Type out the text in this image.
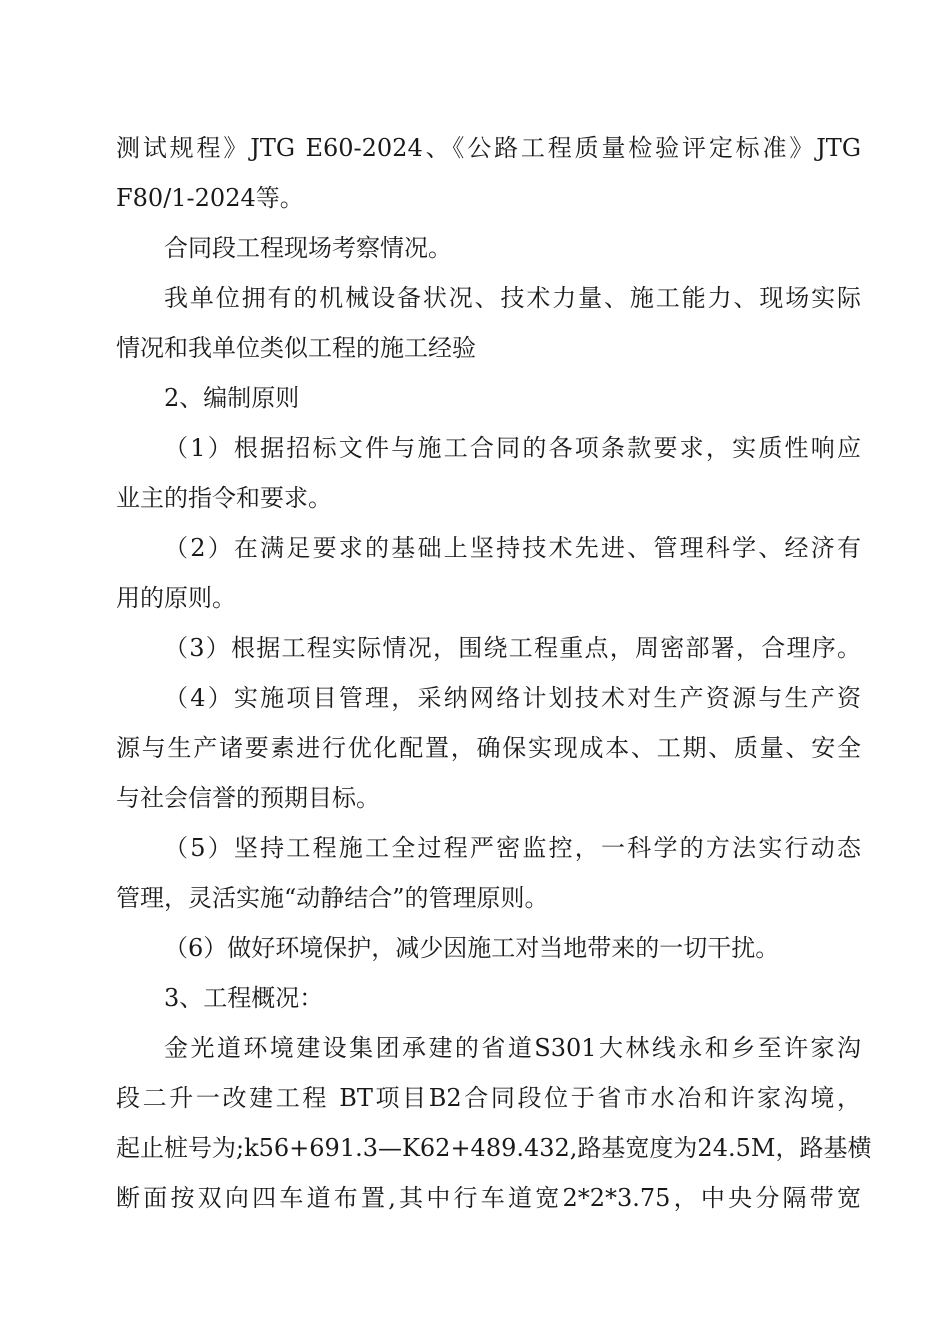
测试规程》JTG E60-2024、《公路工程质量检验评定标准》JTG
F80/1-2024等。
合同段工程现场考察情况。
我单位拥有的机械设备状况、技术力量、施工能力、现场实际
情况和我单位类似工程的施工经验
2、编制原则
（1）根据招标文件与施工合同的各项条款要求，实质性响应
业主的指令和要求。
（2）在满足要求的基础上坚持技术先进、管理科学、经济有
用的原则。
（3）根据工程实际情况，围绕工程重点，周密部署，合理序。
（4）实施项目管理，采纳网络计划技术对生产资源与生产资
源与生产诸要素进行优化配置，确保实现成本、工期、质量、安全
与社会信誉的预期目标。
（5）坚持工程施工全过程严密监控，一科学的方法实行动态
管理，灵活实施“动静结合”的管理原则。
（6）做好环境保护，减少因施工对当地带来的一切干扰。
3、工程概况：
金光道环境建设集团承建的省道S301大林线永和乡至许家沟
段二升一改建工程 BT项目B2合同段位于省市水冶和许家沟境，
起止桩号为;k56+691.3—K62+489.432,路基宽度为24.5M，路基横
断面按双向四车道布置,其中行车道宽2*2*3.75，中央分隔带宽
